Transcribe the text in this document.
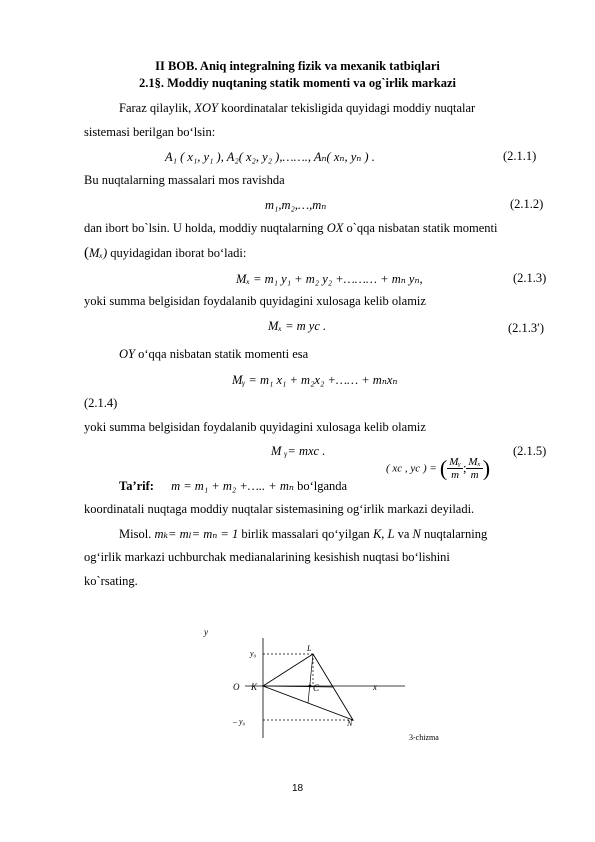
II BOB. Aniq integralning fizik va mexanik tatbiqlari
2.1§. Moddiy nuqtaning statik momenti va og`irlik markazi
Faraz qilaylik, XOY koordinatalar tekisligida quyidagi moddiy nuqtalar
sistemasi berilgan bo‘lsin:
A₁ ( x₁, y₁ ), A₂( x₂, y₂ ),……., Aₙ( xₙ, yₙ ) .	(2.1.1)
Bu nuqtalarning massalari mos ravishda
m₁,m₂,…,mₙ	(2.1.2)
dan ibort bo`lsin. U holda, moddiy nuqtalarning OX o`qqa nisbatan statik momenti
(Mₓ) quyidagidan iborat bo‘ladi:
Mₓ = m₁ y₁ + m₂ y₂ +……… + mₙ yₙ,	(2.1.3)
yoki summa belgisidan foydalanib quyidagini xulosaga kelib olamiz
Mₓ = m yc .	(2.1.3′)
OY o‘qqa nisbatan statik momenti esa
Mᵧ = m₁ x₁ + m₂x₂ +…… + mₙxₙ
(2.1.4)
yoki summa belgisidan foydalanib quyidagini xulosaga kelib olamiz
M ᵧ= mxc .	(2.1.5)
Ta’rif: m = m₁ + m₂ +….. + mₙ bo‘lganda
( xc , yc ) = ( $\frac{\text{Mᵧ}}{m}$ ; $\frac{\text{Mₓ}}{m}$ )
koordinatali nuqtaga moddiy nuqtalar sistemasining og‘irlik markazi deyiladi.
Misol. mₖ= mₗ= mₙ = 1 birlik massalari qo‘yilgan K, L va N nuqtalarning
og‘irlik markazi uchburchak medianalarining kesishish nuqtasi bo‘lishini
ko`rsating.
y
x
O K
L
N
C
y₀
– y₀
3-chizma
18
